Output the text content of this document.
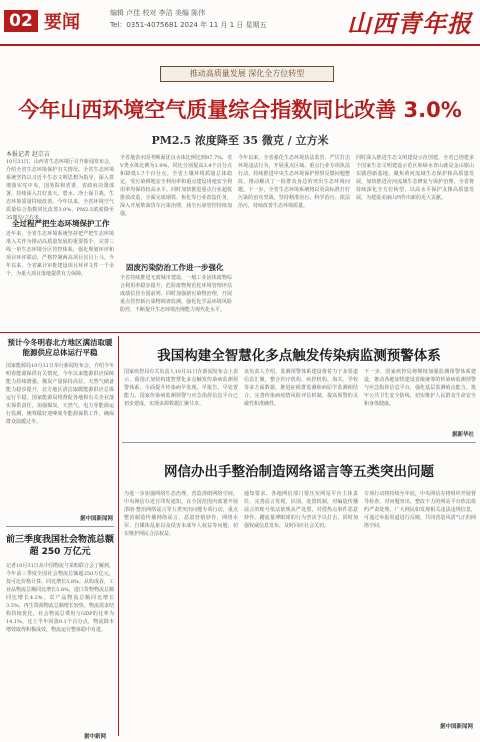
02 要闻	编辑 卢佳 校对 李洁 美编 陈伟
Tel：0351-4075681 2024 年 11 月 1 日 星期五	山西青年报
推动高质量发展 深化全方位转型
今年山西环境空气质量综合指数同比改善 3.0%
PM2.5 浓度降至 35 微克 / 立方米
本报记者 赵宗吉
10月31日，山西省生态环境厅召开新闻发布会，介绍全省生态环境保护有关情况。全省生态环境系统坚持以习近平生态文明思想为指导，深入贯彻落实党中央、国务院和省委、省政府决策部署，持续深入打好蓝天、碧水、净土保卫战，生态环境质量持续改善。今年以来，全省环境空气质量综合指数同比改善3.0%，PM2.5浓度降至35微克/立方米。
全过程严把生态环境保护工作
近年来，全省生态环境系统坚持把严把生态环境准入关作为推动高质量发展的重要抓手，完善三线一单生态环境分区管控体系，强化规划环评和项目环评联动，严格控制两高项目盲目上马。今年以来，全省累计审批建设项目环评文件一千余个，为重大项目落地提供有力保障。
全省地表水国考断面优良水体比例达到87.7%，劣V类水体比例为1.9%，同比分别提高3.4个百分点和降低1.7个百分点。全省土壤环境质量总体稳定，受污染耕地安全利用率和重点建设用地安全利用率均保持较高水平。同时加快推进重点行业超低排放改造，全面完成钢铁、焦化等行业改造任务，深入开展柴油货车污染治理，扬尘污染管控持续加强。
固废污染防治工作进一步强化
全省持续推进无废城市建设，一般工业固体废物综合利用率稳步提升，危险废物规范化环境管理评估成绩位居全国前列。同时加强新污染物治理，开展重点管控新污染物调查监测，强化化学品环境风险防控，不断提升生态环境治理能力现代化水平。
今年以来，全省强化生态环境执法监管，严厉打击环境违法行为，开展重点区域、重点行业专项执法行动。持续推进中央生态环境保护督察反馈问题整改，推动解决了一批群众身边的突出生态环境问题。下一步，全省生态环境系统将以更高标准打好污染防治攻坚战，坚持精准治污、科学治污、依法治污，持续改善生态环境质量。
同时深入推进生态文明建设示范创建，全省已创建多个国家生态文明建设示范区和绿水青山就是金山银山实践创新基地。聚焦黄河流域生态保护和高质量发展，加快推进汾河流域生态修复与保护治理。全省将持续深化全方位转型，以高水平保护支撑高质量发展，为建设美丽山西作出新的更大贡献。
预计今冬明春北方地区满洁取暖能源供应总体运行平稳
国家能源局10月31日举行新闻发布会，介绍今冬明春能源保供有关情况。今年以来能源供应保障能力持续增强，煤炭产量保持高位，天然气储备能力稳步提升，北方地区清洁取暖能源供应总体运行平稳。国家能源局将督促各地和有关企业落实保供责任，加强煤炭、天然气、电力等能源运行监测，统筹做好迎峰度冬能源保供工作，确保群众温暖过冬。
据中国新闻网
前三季度我国社会物流总额超 250 万亿元
记者10月31日从中国物流与采购联合会了解到，今年前三季度全国社会物流总额超250万亿元，按可比价格计算，同比增长5.8%。从构成看，工业品物流总额同比增长5.8%，进口货物物流总额同比增长4.2%，农产品物流总额同比增长3.5%，再生资源物流总额增长较快。物流需求结构持续优化，社会物流总费用与GDP的比率为14.1%，比上半年回落0.1个百分点，物流降本增效取得积极成效，物流运行整体稳中有进。
据中新网
我国构建全智慧化多点触发传染病监测预警体系
国家疾控局有关负责人10月31日在新闻发布会上表示，我国正加快构建智慧化多点触发传染病监测预警体系，全面提升传染病早发现、早报告、早处置能力。国家传染病监测预警与应急指挥信息平台已初步建成，实现多源数据汇聚共享。
该负责人介绍，监测预警体系建设将着力于多渠道信息汇聚，整合医疗机构、疾控机构、海关、学校等多方面数据，推进症候群监测和病原学监测相结合，完善传染病疫情风险评估机制，提高预警的灵敏性和准确性。
下一步，国家疾控局将继续加强监测预警体系建设，推动各地加快建设省级统筹的传染病监测预警与应急指挥信息平台，强化基层监测哨点能力，筑牢公共卫生安全防线，切实维护人民群众生命安全和身体健康。
据新华社
网信办出手整治制造网络谣言等五类突出问题
为进一步加强网络生态治理，营造清朗网络空间，中央网信办近日印发通知，在全国范围内部署开展清朗·整治网络谣言等五类突出问题专项行动，重点整治制造传播网络谣言、恶意营销炒作、网络水军、自媒体乱象以及侵害未成年人权益等问题，切实维护网民合法权益。
通知要求，各地网信部门要压实网站平台主体责任，完善谣言发现、识别、处置机制，对编造传播谣言的账号依法依规从严处置，对借热点事件恶意炒作、蹭流量博眼球的行为坚决予以打击，同时加强权威信息发布，及时回应社会关切。
专项行动将持续至年底，中央网信办将组织开展督导检查，对问题突出、整改不力的网站平台依法依约严肃处理。广大网民如发现相关违法违规信息，可通过举报渠道进行反映，共同营造风清气正的网络空间。
据中国新闻网
